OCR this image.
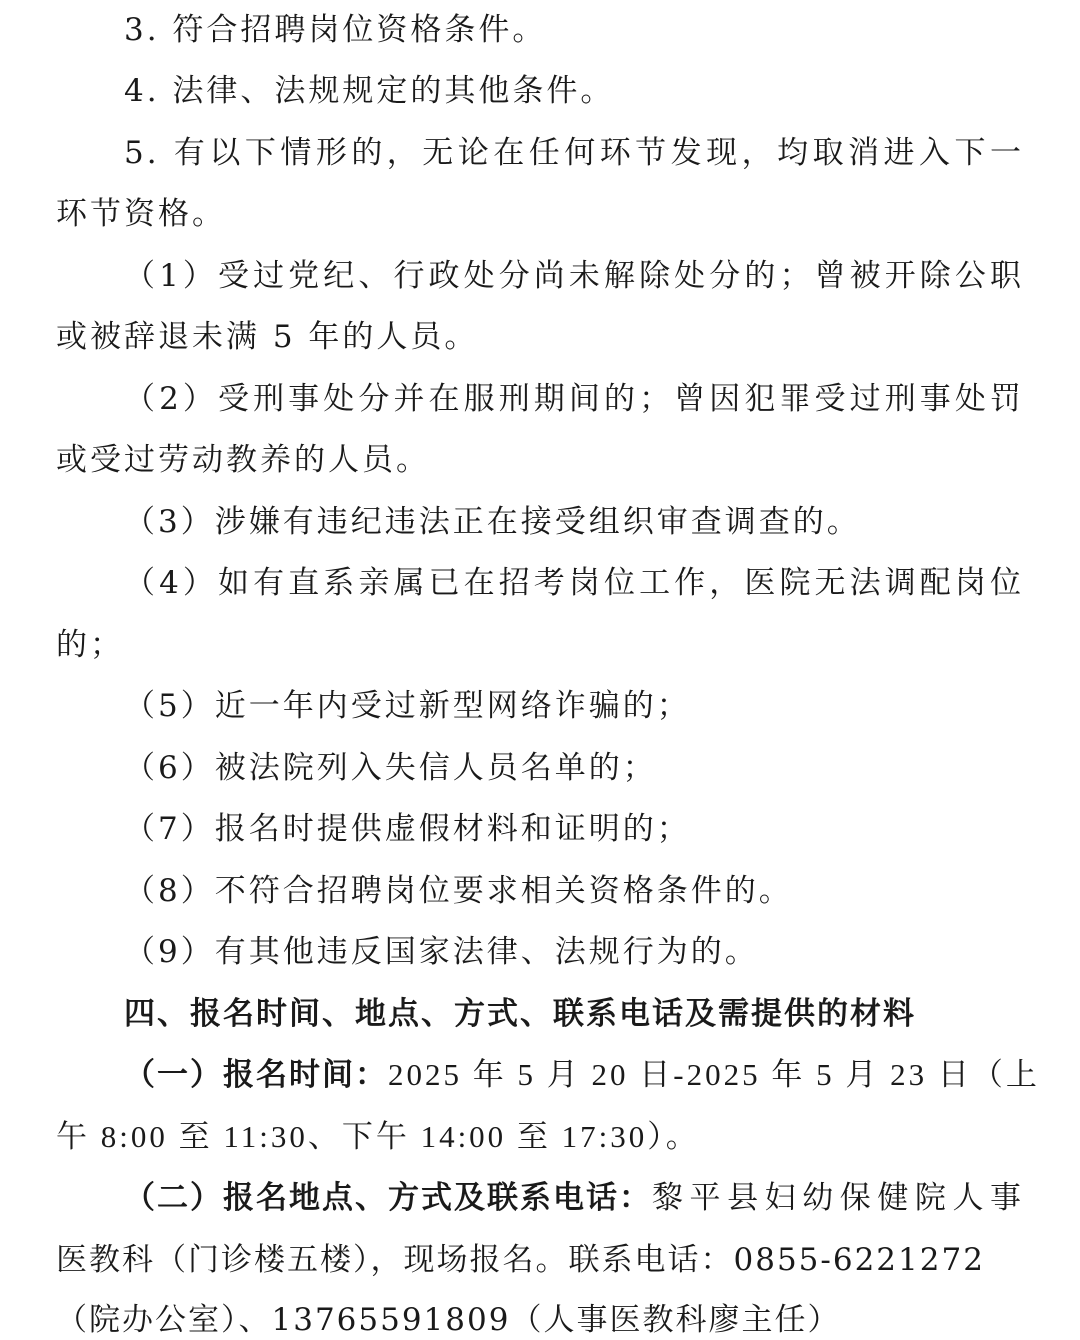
3. 符合招聘岗位资格条件。
4. 法律、法规规定的其他条件。
5. 有以下情形的，无论在任何环节发现，均取消进入下一
环节资格。
（1）受过党纪、行政处分尚未解除处分的；曾被开除公职
或被辞退未满 5 年的人员。
（2）受刑事处分并在服刑期间的；曾因犯罪受过刑事处罚
或受过劳动教养的人员。
（3）涉嫌有违纪违法正在接受组织审查调查的。
（4）如有直系亲属已在招考岗位工作，医院无法调配岗位
的；
（5）近一年内受过新型网络诈骗的；
（6）被法院列入失信人员名单的；
（7）报名时提供虚假材料和证明的；
（8）不符合招聘岗位要求相关资格条件的。
（9）有其他违反国家法律、法规行为的。
四、报名时间、地点、方式、联系电话及需提供的材料
（一）报名时间： 2025 年 5 月 20 日-2025 年 5 月 23 日（上
午 8:00 至 11:30、下午 14:00 至 17:30）。
（二）报名地点、方式及联系电话： 黎平县妇幼保健院人事
医教科（门诊楼五楼），现场报名。联系电话：0855-6221272
（院办公室）、13765591809（人事医教科廖主任）
